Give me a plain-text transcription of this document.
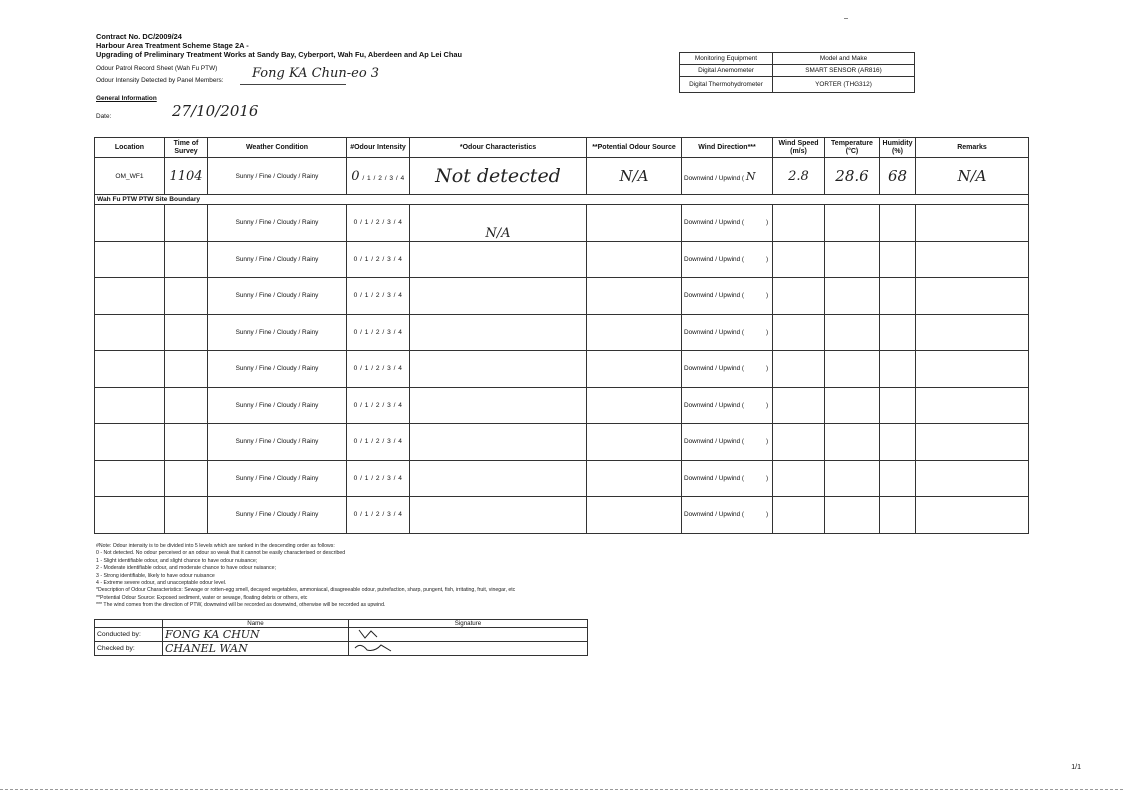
Contract No. DC/2009/24
Harbour Area Treatment Scheme Stage 2A -
Upgrading of Preliminary Treatment Works at Sandy Bay, Cyberport, Wah Fu, Aberdeen and Ap Lei Chau
Odour Patrol Record Sheet (Wah Fu PTW)
Odour Intensity Detected by Panel Members: Fong KA Chun-eo 3
General Information
Date:	27/10/2016
Monitoring Equipment	Model and Make
Digital Anemometer	SMART SENSOR (AR816)
Digital Thermohydrometer	YORTER (THG312)
Location	Time of Survey	Weather Condition	#Odour Intensity	*Odour Characteristics	**Potential Odour Source	Wind Direction***	Wind Speed (m/s)	Temperature (°C)	Humidity (%)	Remarks
OM_WF1	1104	Sunny / Fine / Cloudy / Rainy	0 / 1 / 2 / 3 / 4	Not detected	N/A	Downwind / Upwind ( N	2.8	28.6	68	N/A
Wah Fu PTW PTW Site Boundary										
		Sunny / Fine / Cloudy / Rainy	0 / 1 / 2 / 3 / 4	N/A		Downwind / Upwind ( )				
		Sunny / Fine / Cloudy / Rainy	0 / 1 / 2 / 3 / 4			Downwind / Upwind ( )				
		Sunny / Fine / Cloudy / Rainy	0 / 1 / 2 / 3 / 4			Downwind / Upwind ( )				
		Sunny / Fine / Cloudy / Rainy	0 / 1 / 2 / 3 / 4			Downwind / Upwind ( )				
		Sunny / Fine / Cloudy / Rainy	0 / 1 / 2 / 3 / 4			Downwind / Upwind ( )				
		Sunny / Fine / Cloudy / Rainy	0 / 1 / 2 / 3 / 4			Downwind / Upwind ( )				
		Sunny / Fine / Cloudy / Rainy	0 / 1 / 2 / 3 / 4			Downwind / Upwind ( )				
		Sunny / Fine / Cloudy / Rainy	0 / 1 / 2 / 3 / 4			Downwind / Upwind ( )				
		Sunny / Fine / Cloudy / Rainy	0 / 1 / 2 / 3 / 4			Downwind / Upwind ( )				
#Note: Odour intensity is to be divided into 5 levels which are ranked in the descending order as follows:
0 - Not detected. No odour perceived or an odour so weak that it cannot be easily characterised or described
1 - Slight identifiable odour, and slight chance to have odour nuisance;
2 - Moderate identifiable odour, and moderate chance to have odour nuisance;
3 - Strong identifiable, likely to have odour nuisance
4 - Extreme severe odour, and unacceptable odour level.
*Description of Odour Characteristics: Sewage or rotten-egg smell, decayed vegetables, ammoniacal, disagreeable odour, putrefaction, sharp, pungent, fish, irritating, fruit, vinegar, etc
**Potential Odour Source: Exposed sediment, water or sewage, floating debris or others, etc
*** The wind comes from the direction of PTW, downwind will be recorded as downwind, otherwise will be recorded as upwind.
	Name	Signature
Conducted by:	FONG KA CHUN	
Checked by:	CHANEL WAN	
1/1
